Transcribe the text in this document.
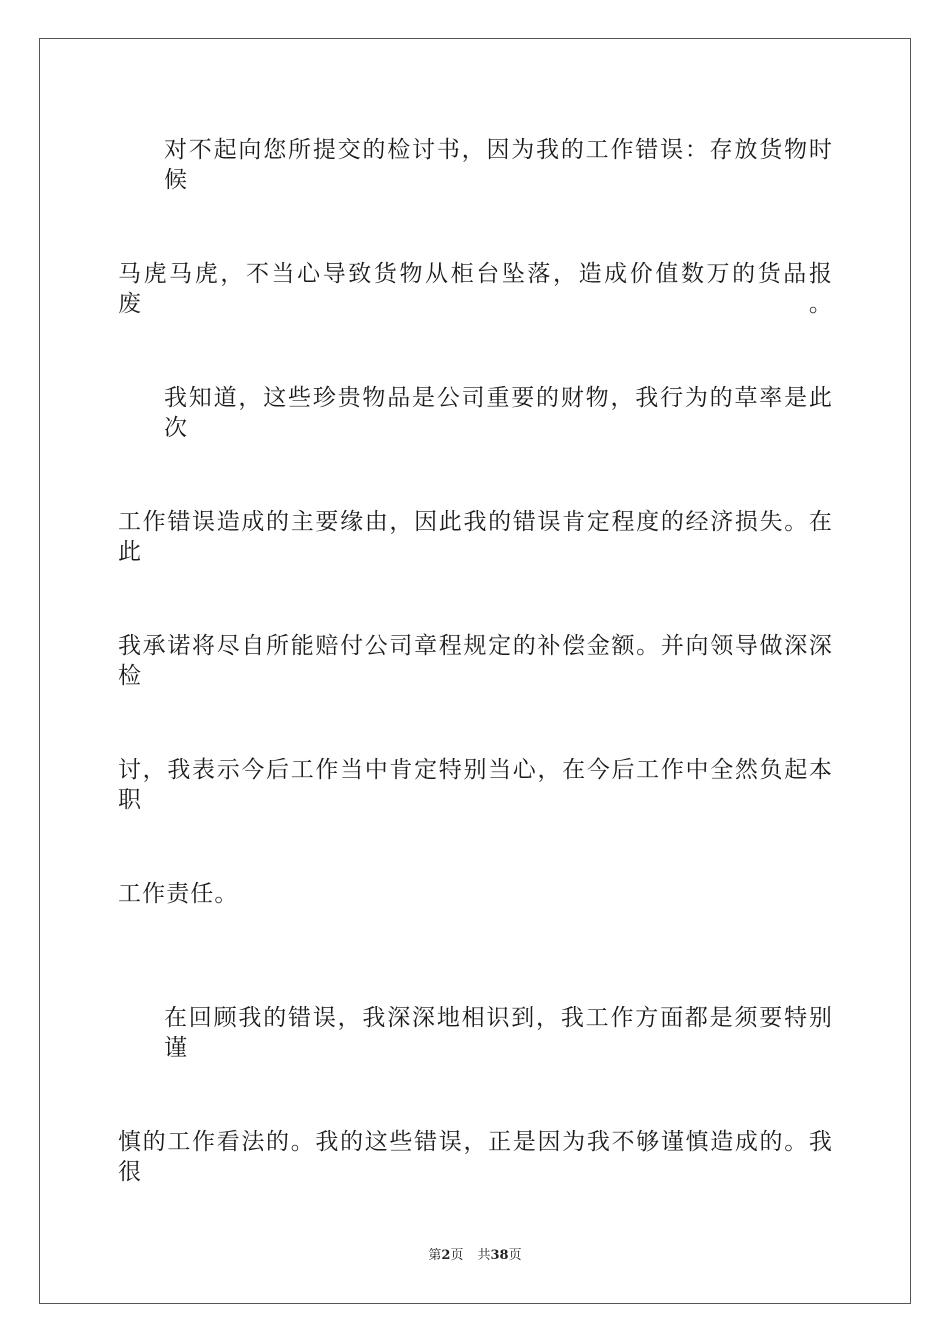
对不起向您所提交的检讨书，因为我的工作错误：存放货物时候
马虎马虎，不当心导致货物从柜台坠落，造成价值数万的货品报废。
我知道，这些珍贵物品是公司重要的财物，我行为的草率是此次
工作错误造成的主要缘由，因此我的错误肯定程度的经济损失。在此
我承诺将尽自所能赔付公司章程规定的补偿金额。并向领导做深深检
讨，我表示今后工作当中肯定特别当心，在今后工作中全然负起本职
工作责任。
在回顾我的错误，我深深地相识到，我工作方面都是须要特别谨
慎的工作看法的。我的这些错误，正是因为我不够谨慎造成的。我很
第2页 共38页
